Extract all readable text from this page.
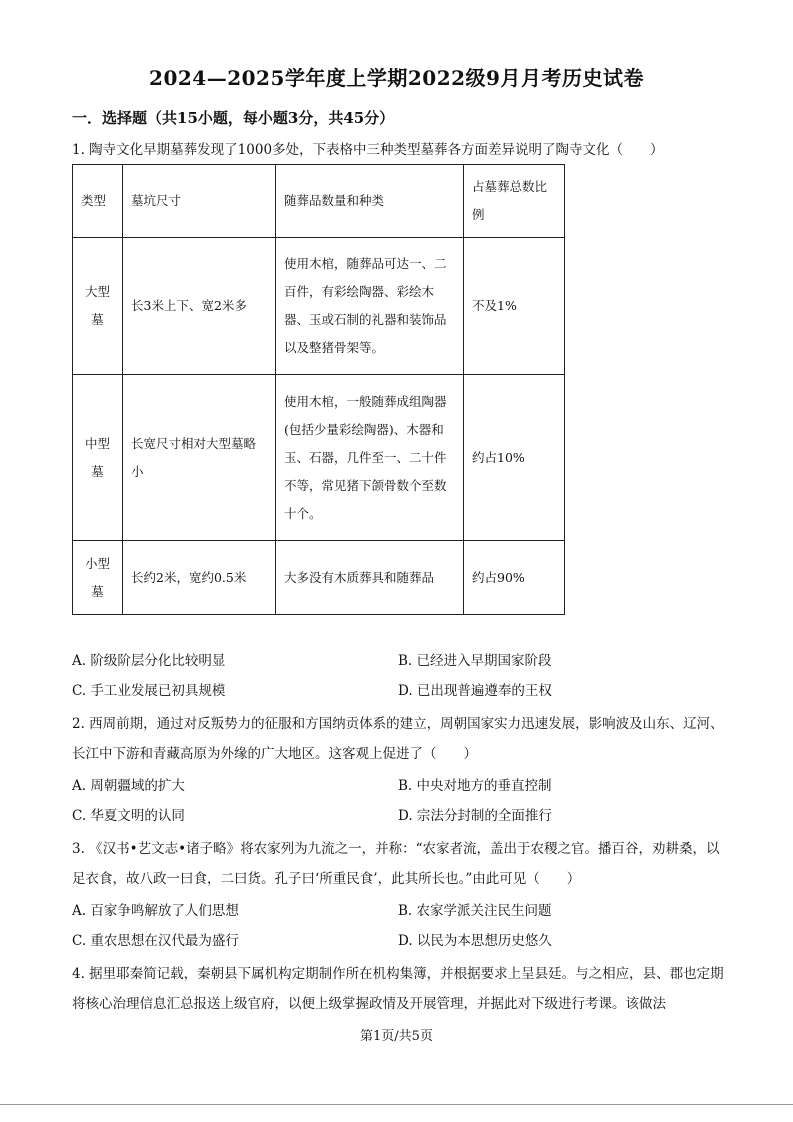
2024—2025学年度上学期2022级9月月考历史试卷
一．选择题（共15小题，每小题3分，共45分）
1. 陶寺文化早期墓葬发现了1000多处，下表格中三种类型墓葬各方面差异说明了陶寺文化（　　）
类型	墓坑尺寸	随葬品数量和种类	占墓葬总数比例
大型墓	长3米上下、宽2米多	使用木棺，随葬品可达一、二百件，有彩绘陶器、彩绘木器、玉或石制的礼器和装饰品以及整猪骨架等。	不及1%
中型墓	长宽尺寸相对大型墓略小	使用木棺，一般随葬成组陶器(包括少量彩绘陶器)、木器和玉、石器，几件至一、二十件不等，常见猪下颌骨数个至数十个。	约占10%
小型墓	长约2米，宽约0.5米	大多没有木质葬具和随葬品	约占90%
A. 阶级阶层分化比较明显	B. 已经进入早期国家阶段
C. 手工业发展已初具规模	D. 已出现普遍遵奉的王权
2. 西周前期，通过对反叛势力的征服和方国纳贡体系的建立，周朝国家实力迅速发展，影响波及山东、辽河、长江中下游和青藏高原为外缘的广大地区。这客观上促进了（　　）
A. 周朝疆域的扩大	B. 中央对地方的垂直控制
C. 华夏文明的认同	D. 宗法分封制的全面推行
3. 《汉书•艺文志•诸子略》将农家列为九流之一，并称：“农家者流，盖出于农稷之官。播百谷，劝耕桑，以足衣食，故八政一曰食，二曰货。孔子曰‘所重民食’，此其所长也。”由此可见（　　）
A. 百家争鸣解放了人们思想	B. 农家学派关注民生问题
C. 重农思想在汉代最为盛行	D. 以民为本思想历史悠久
4. 据里耶秦简记载，秦朝县下属机构定期制作所在机构集簿，并根据要求上呈县廷。与之相应，县、郡也定期将核心治理信息汇总报送上级官府，以便上级掌握政情及开展管理，并据此对下级进行考课。该做法
第1页/共5页
